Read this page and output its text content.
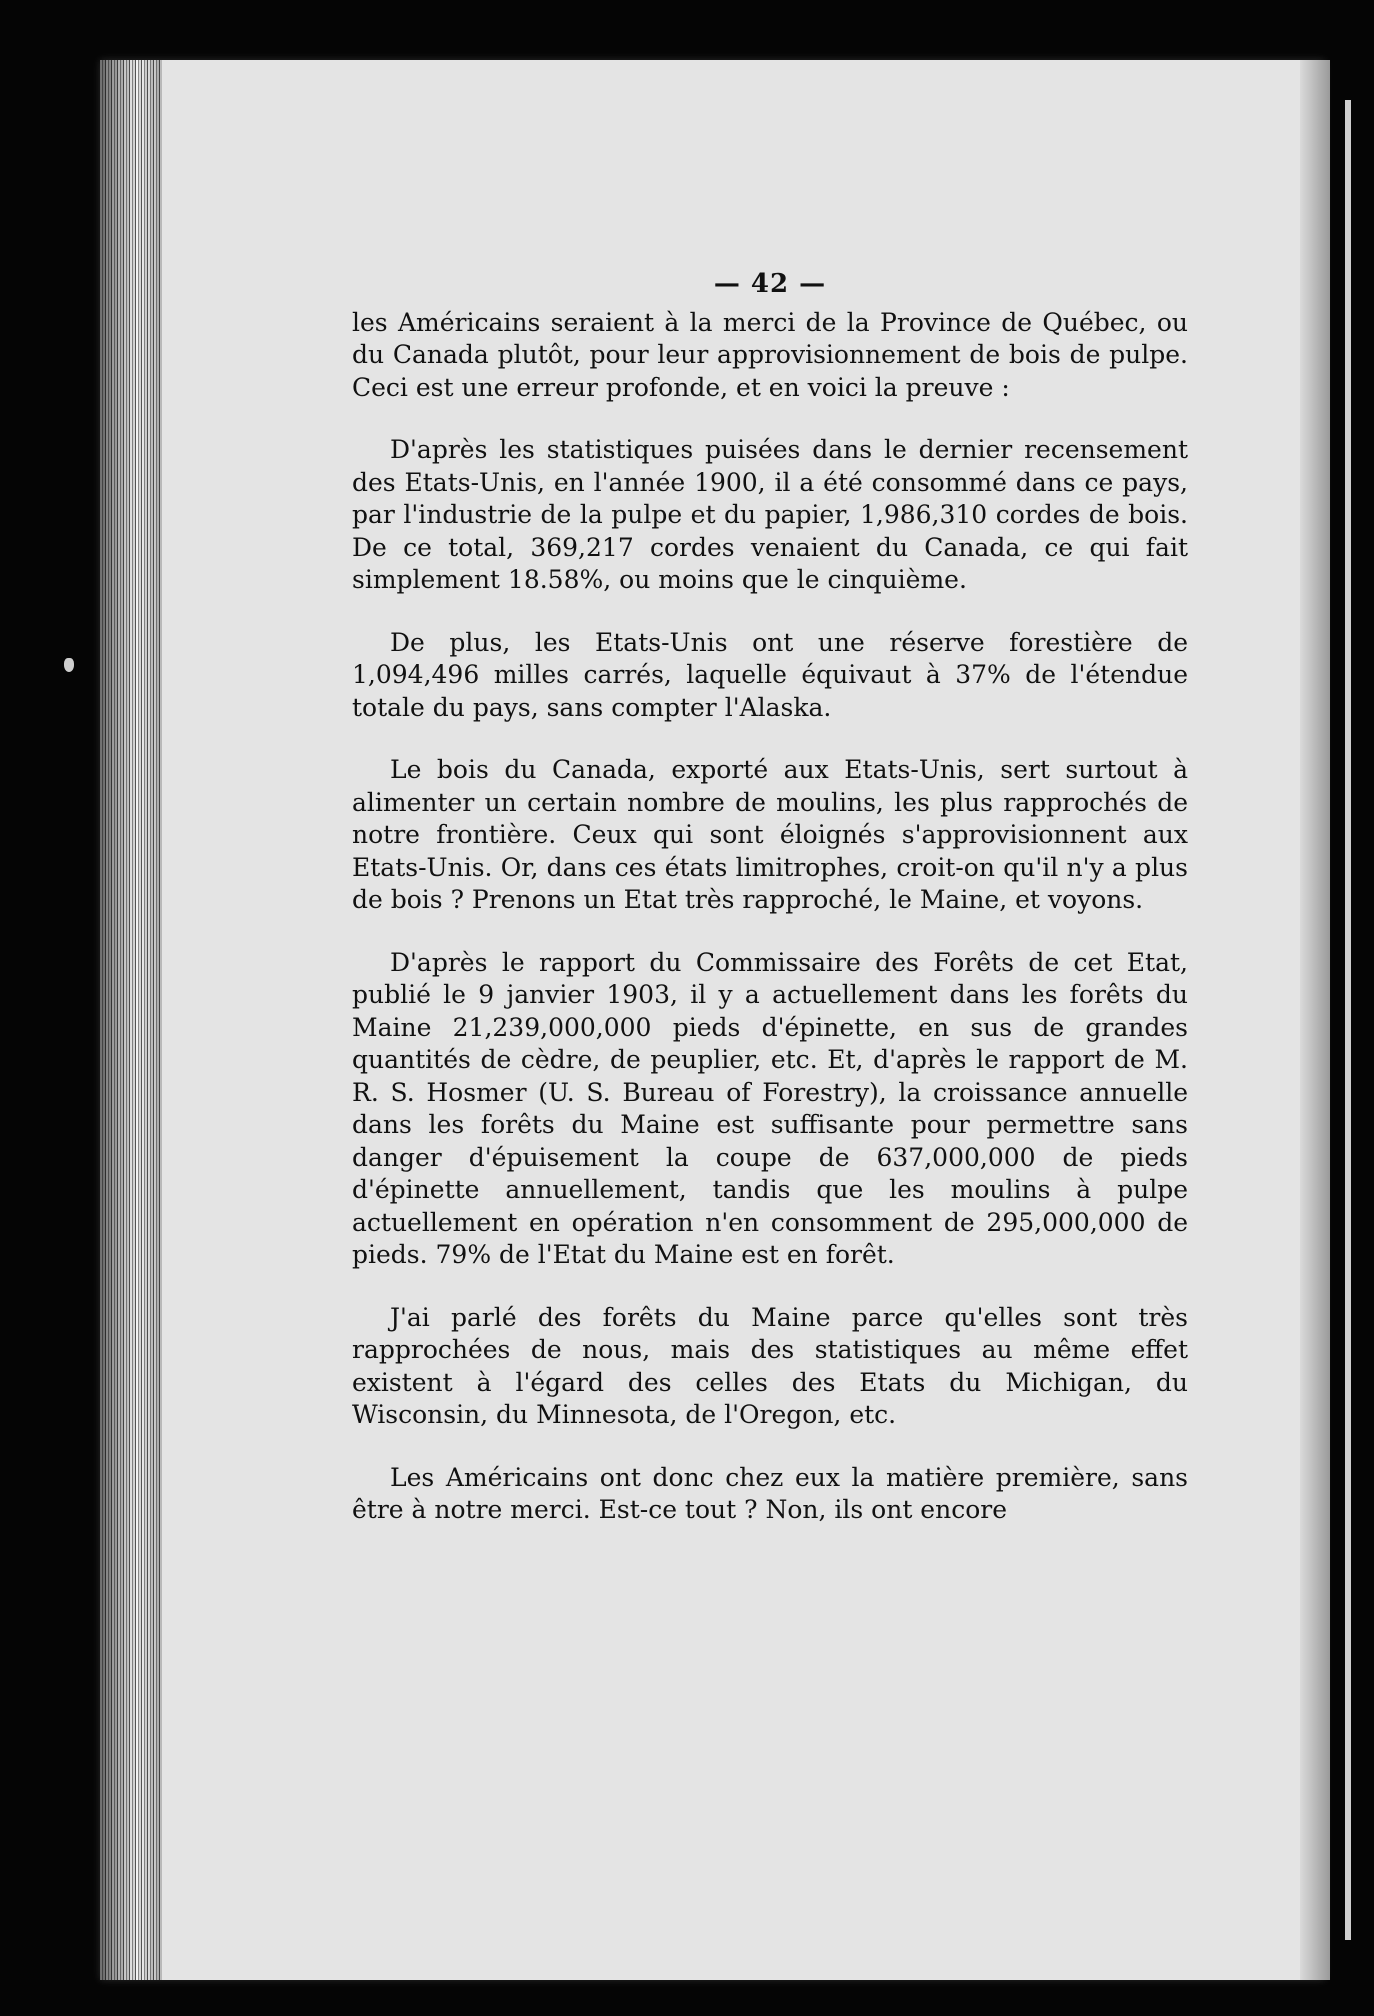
— 42 —

les Américains seraient à la merci de la Province de Québec, ou du Canada plutôt, pour leur approvisionnement de bois de pulpe. Ceci est une erreur profonde, et en voici la preuve :

D'après les statistiques puisées dans le dernier recensement des Etats-Unis, en l'année 1900, il a été consommé dans ce pays, par l'industrie de la pulpe et du papier, 1,986,310 cordes de bois. De ce total, 369,217 cordes venaient du Canada, ce qui fait simplement 18.58%, ou moins que le cinquième.

De plus, les Etats-Unis ont une réserve forestière de 1,094,496 milles carrés, laquelle équivaut à 37% de l'étendue totale du pays, sans compter l'Alaska.

Le bois du Canada, exporté aux Etats-Unis, sert surtout à alimenter un certain nombre de moulins, les plus rapprochés de notre frontière. Ceux qui sont éloignés s'approvisionnent aux Etats-Unis. Or, dans ces états limitrophes, croit-on qu'il n'y a plus de bois ? Prenons un Etat très rapproché, le Maine, et voyons.

D'après le rapport du Commissaire des Forêts de cet Etat, publié le 9 janvier 1903, il y a actuellement dans les forêts du Maine 21,239,000,000 pieds d'épinette, en sus de grandes quantités de cèdre, de peuplier, etc. Et, d'après le rapport de M. R. S. Hosmer (U. S. Bureau of Forestry), la croissance annuelle dans les forêts du Maine est suffisante pour permettre sans danger d'épuisement la coupe de 637,000,000 de pieds d'épinette annuellement, tandis que les moulins à pulpe actuellement en opération n'en consomment de 295,000,000 de pieds. 79% de l'Etat du Maine est en forêt.

J'ai parlé des forêts du Maine parce qu'elles sont très rapprochées de nous, mais des statistiques au même effet existent à l'égard des celles des Etats du Michigan, du Wisconsin, du Minnesota, de l'Oregon, etc.

Les Américains ont donc chez eux la matière première, sans être à notre merci. Est-ce tout ? Non, ils ont encore
